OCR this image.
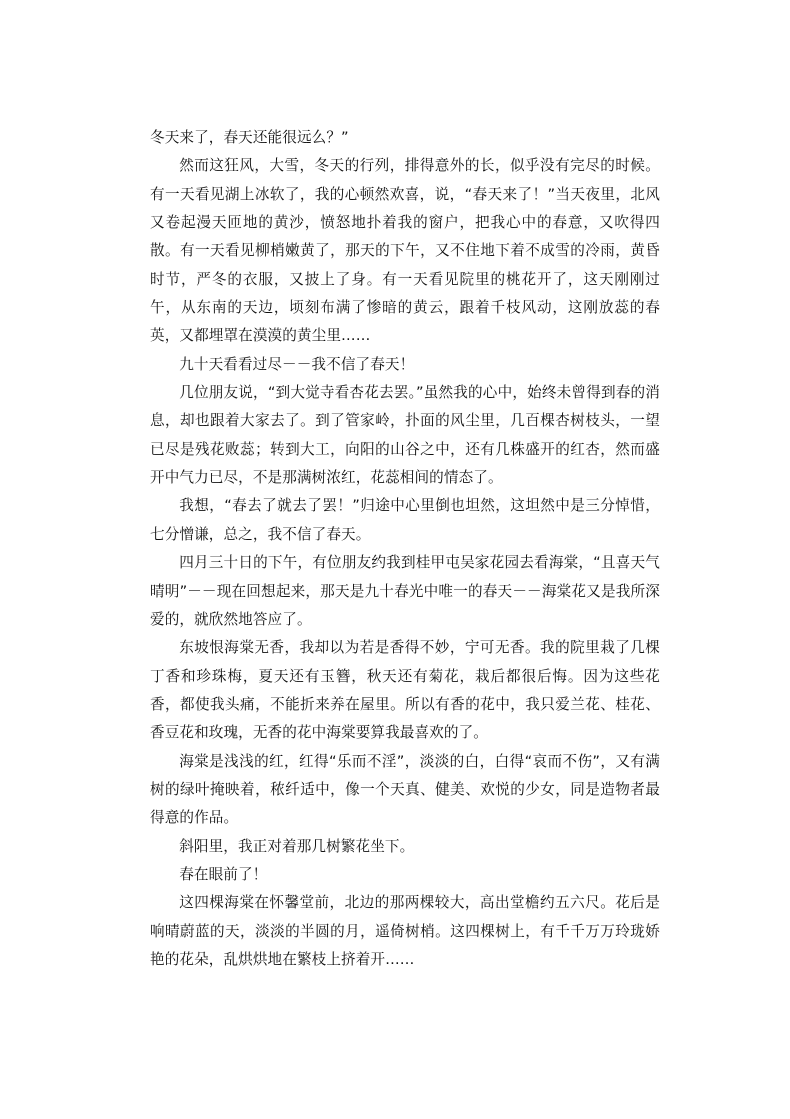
冬天来了，春天还能很远么？”

然而这狂风，大雪，冬天的行列，排得意外的长，似乎没有完尽的时候。有一天看见湖上冰软了，我的心顿然欢喜，说，“春天来了！”当天夜里，北风又卷起漫天匝地的黄沙，愤怒地扑着我的窗户，把我心中的春意，又吹得四散。有一天看见柳梢嫩黄了，那天的下午，又不住地下着不成雪的冷雨，黄昏时节，严冬的衣服，又披上了身。有一天看见院里的桃花开了，这天刚刚过午，从东南的天边，顷刻布满了惨暗的黄云，跟着千枝风动，这刚放蕊的春英，又都埋罩在漠漠的黄尘里……

九十天看看过尽－－我不信了春天！

几位朋友说，“到大觉寺看杏花去罢。”虽然我的心中，始终未曾得到春的消息，却也跟着大家去了。到了管家岭，扑面的风尘里，几百棵杏树枝头，一望已尽是残花败蕊；转到大工，向阳的山谷之中，还有几株盛开的红杏，然而盛开中气力已尽，不是那满树浓红，花蕊相间的情态了。

我想，“春去了就去了罢！”归途中心里倒也坦然，这坦然中是三分悼惜，七分憎谦，总之，我不信了春天。

四月三十日的下午，有位朋友约我到桂甲屯吴家花园去看海棠，“且喜天气晴明”－－现在回想起来，那天是九十春光中唯一的春天－－海棠花又是我所深爱的，就欣然地答应了。

东坡恨海棠无香，我却以为若是香得不妙，宁可无香。我的院里栽了几棵丁香和珍珠梅，夏天还有玉簪，秋天还有菊花，栽后都很后悔。因为这些花香，都使我头痛，不能折来养在屋里。所以有香的花中，我只爱兰花、桂花、香豆花和玫瑰，无香的花中海棠要算我最喜欢的了。

海棠是浅浅的红，红得“乐而不淫”，淡淡的白，白得“哀而不伤”，又有满树的绿叶掩映着，秾纤适中，像一个天真、健美、欢悦的少女，同是造物者最得意的作品。

斜阳里，我正对着那几树繁花坐下。

春在眼前了！

这四棵海棠在怀馨堂前，北边的那两棵较大，高出堂檐约五六尺。花后是响晴蔚蓝的天，淡淡的半圆的月，遥倚树梢。这四棵树上，有千千万万玲珑娇艳的花朵，乱烘烘地在繁枝上挤着开……
